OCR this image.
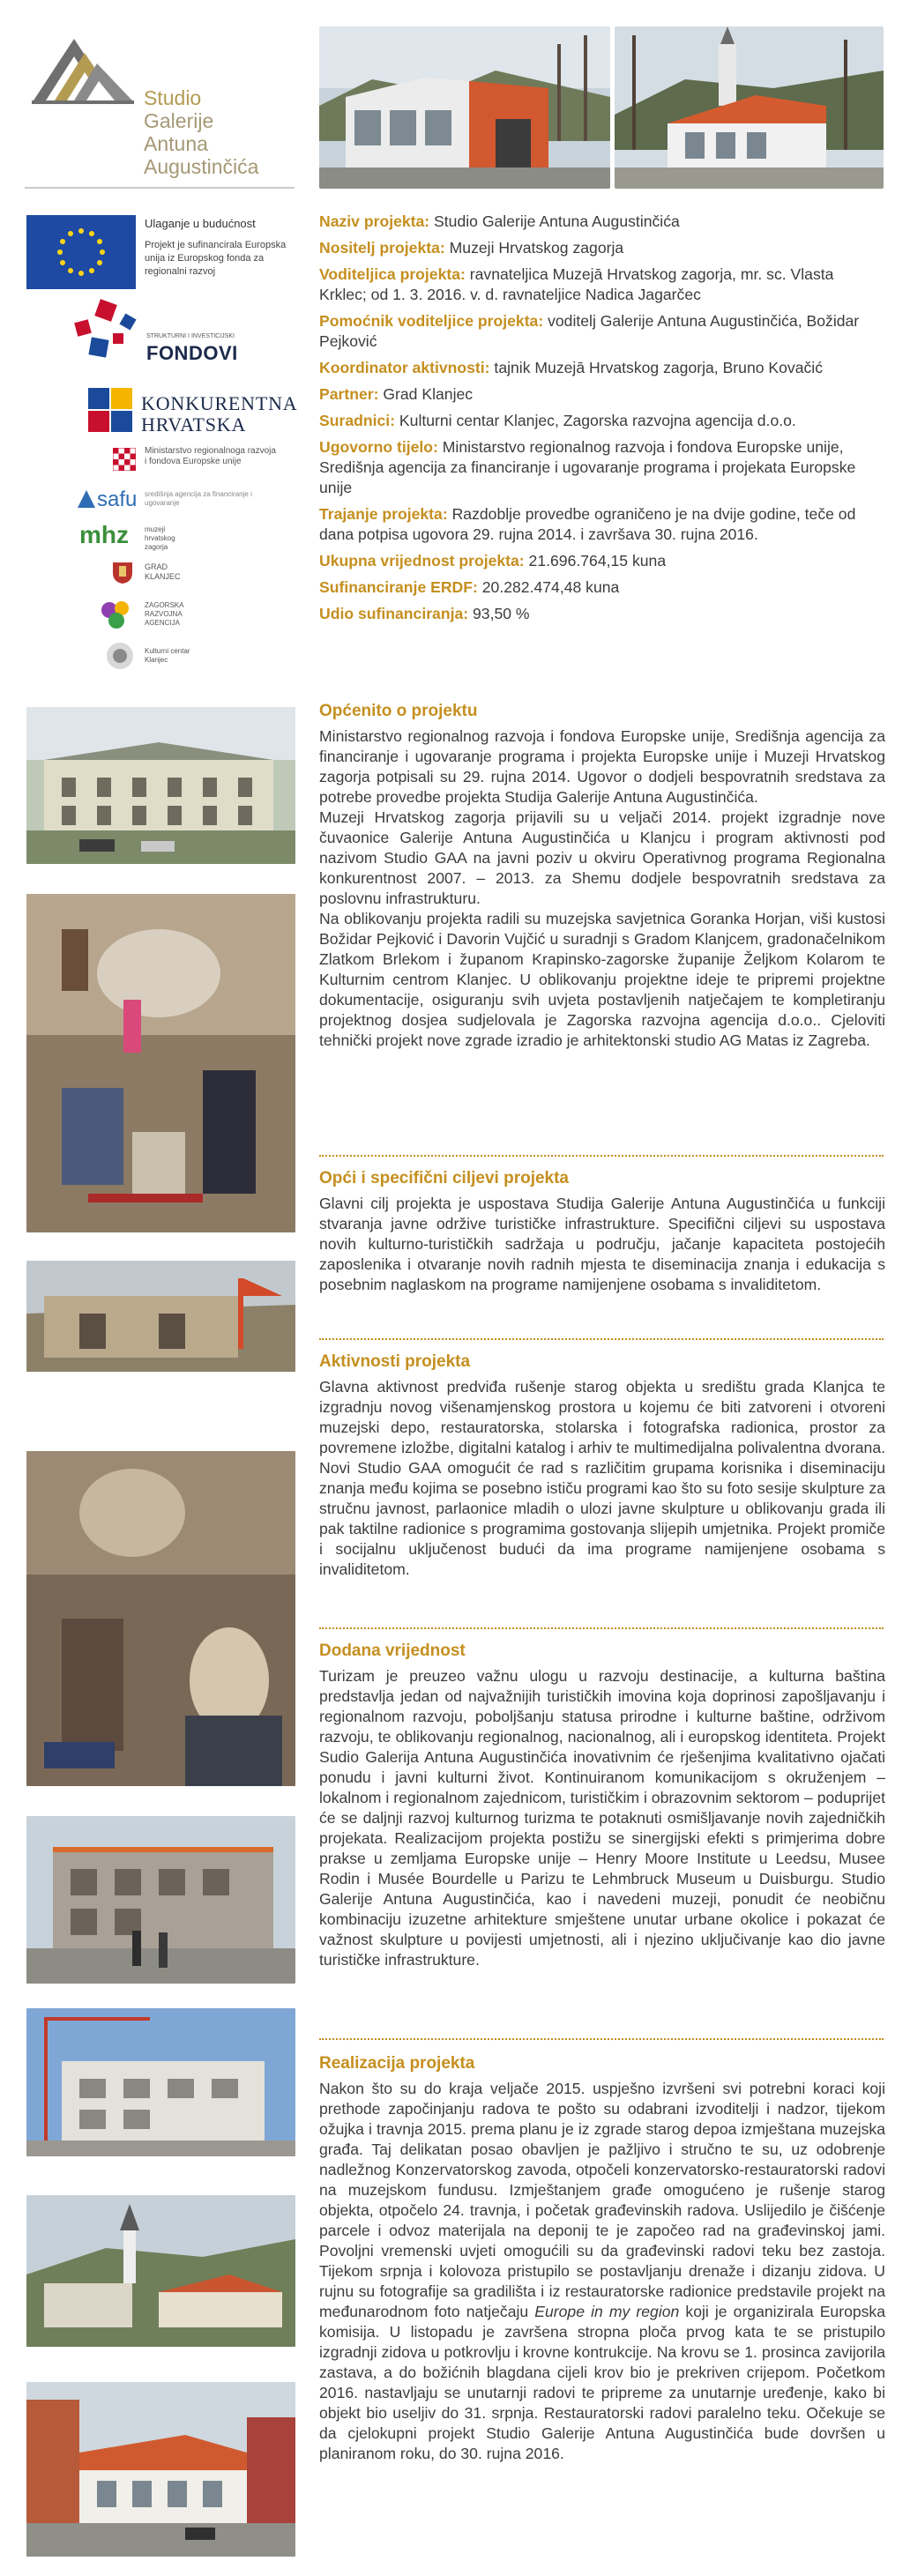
Studio
Galerije
Antuna
Augustinčića
Ulaganje u budućnost
Projekt je sufinancirala Europska unija iz Europskog fonda za regionalni razvoj
STRUKTURNI I INVESTICIJSKI
FONDOVI
KONKURENTNA
HRVATSKA
Ministarstvo regionalnoga razvoja i fondova Europske unije
safu središnja agencija za financiranje i ugovaranje
mhz muzeji hrvatskog zagorja
GRAD KLANJEC
ZAGORSKA RAZVOJNA AGENCIJA
Kulturni centar Klanjec

Naziv projekta: Studio Galerije Antuna Augustinčića

Nositelj projekta: Muzeji Hrvatskog zagorja

Voditeljica projekta: ravnateljica Muzejā Hrvatskog zagorja, mr. sc. Vlasta Krklec; od 1. 3. 2016. v. d. ravnateljice Nadica Jagarčec

Pomoćnik voditeljice projekta: voditelj Galerije Antuna Augustinčića, Božidar Pejković

Koordinator aktivnosti: tajnik Muzejā Hrvatskog zagorja, Bruno Kovačić

Partner: Grad Klanjec

Suradnici: Kulturni centar Klanjec, Zagorska razvojna agencija d.o.o.

Ugovorno tijelo: Ministarstvo regionalnog razvoja i fondova Europske unije, Središnja agencija za financiranje i ugovaranje programa i projekata Europske unije

Trajanje projekta: Razdoblje provedbe ograničeno je na dvije godine, teče od dana potpisa ugovora 29. rujna 2014. i završava 30. rujna 2016.

Ukupna vrijednost projekta: 21.696.764,15 kuna

Sufinanciranje ERDF: 20.282.474,48 kuna

Udio sufinanciranja: 93,50 %

Općenito o projektu

Ministarstvo regionalnog razvoja i fondova Europske unije, Središnja agencija za financiranje i ugovaranje programa i projekta Europske unije i Muzeji Hrvatskog zagorja potpisali su 29. rujna 2014. Ugovor o dodjeli bespovratnih sredstava za potrebe provedbe projekta Studija Galerije Antuna Augustinčića.

Muzeji Hrvatskog zagorja prijavili su u veljači 2014. projekt izgradnje nove čuvaonice Galerije Antuna Augustinčića u Klanjcu i program aktivnosti pod nazivom Studio GAA na javni poziv u okviru Operativnog programa Regionalna konkurentnost 2007. – 2013. za Shemu dodjele bespovratnih sredstava za poslovnu infrastrukturu.

Na oblikovanju projekta radili su muzejska savjetnica Goranka Horjan, viši kustosi Božidar Pejković i Davorin Vujčić u suradnji s Gradom Klanjcem, gradonačelnikom Zlatkom Brlekom i županom Krapinsko-zagorske županije Željkom Kolarom te Kulturnim centrom Klanjec. U oblikovanju projektne ideje te pripremi projektne dokumentacije, osiguranju svih uvjeta postavljenih natječajem te kompletiranju projektnog dosjea sudjelovala je Zagorska razvojna agencija d.o.o.. Cjeloviti tehnički projekt nove zgrade izradio je arhitektonski studio AG Matas iz Zagreba.

Opći i specifični ciljevi projekta

Glavni cilj projekta je uspostava Studija Galerije Antuna Augustinčića u funkciji stvaranja javne održive turističke infrastrukture. Specifični ciljevi su uspostava novih kulturno-turističkih sadržaja u području, jačanje kapaciteta postojećih zaposlenika i otvaranje novih radnih mjesta te diseminacija znanja i edukacija s posebnim naglaskom na programe namijenjene osobama s invaliditetom.

Aktivnosti projekta

Glavna aktivnost predviđa rušenje starog objekta u središtu grada Klanjca te izgradnju novog višenamjenskog prostora u kojemu će biti zatvoreni i otvoreni muzejski depo, restauratorska, stolarska i fotografska radionica, prostor za povremene izložbe, digitalni katalog i arhiv te multimedijalna polivalentna dvorana. Novi Studio GAA omogućit će rad s različitim grupama korisnika i diseminaciju znanja među kojima se posebno ističu programi kao što su foto sesije skulpture za stručnu javnost, parlaonice mladih o ulozi javne skulpture u oblikovanju grada ili pak taktilne radionice s programima gostovanja slijepih umjetnika. Projekt promiče i socijalnu uključenost budući da ima programe namijenjene osobama s invaliditetom.

Dodana vrijednost

Turizam je preuzeo važnu ulogu u razvoju destinacije, a kulturna baština predstavlja jedan od najvažnijih turističkih imovina koja doprinosi zapošljavanju i regionalnom razvoju, poboljšanju statusa prirodne i kulturne baštine, održivom razvoju, te oblikovanju regionalnog, nacionalnog, ali i europskog identiteta. Projekt Sudio Galerija Antuna Augustinčića inovativnim će rješenjima kvalitativno ojačati ponudu i javni kulturni život. Kontinuiranom komunikacijom s okruženjem – lokalnom i regionalnom zajednicom, turističkim i obrazovnim sektorom – poduprijet će se daljnji razvoj kulturnog turizma te potaknuti osmišljavanje novih zajedničkih projekata. Realizacijom projekta postižu se sinergijski efekti s primjerima dobre prakse u zemljama Europske unije – Henry Moore Institute u Leedsu, Musee Rodin i Musée Bourdelle u Parizu te Lehmbruck Museum u Duisburgu. Studio Galerije Antuna Augustinčića, kao i navedeni muzeji, ponudit će neobičnu kombinaciju izuzetne arhitekture smještene unutar urbane okolice i pokazat će važnost skulpture u povijesti umjetnosti, ali i njezino uključivanje kao dio javne turističke infrastrukture.

Realizacija projekta

Nakon što su do kraja veljače 2015. uspješno izvršeni svi potrebni koraci koji prethode započinjanju radova te pošto su odabrani izvoditelji i nadzor, tijekom ožujka i travnja 2015. prema planu je iz zgrade starog depoa izmještana muzejska građa. Taj delikatan posao obavljen je pažljivo i stručno te su, uz odobrenje nadležnog Konzervatorskog zavoda, otpočeli konzervatorsko-restauratorski radovi na muzejskom fundusu. Izmještanjem građe omogućeno je rušenje starog objekta, otpočelo 24. travnja, i početak građevinskih radova. Uslijedilo je čišćenje parcele i odvoz materijala na deponij te je započeo rad na građevinskoj jami. Povoljni vremenski uvjeti omogućili su da građevinski radovi teku bez zastoja. Tijekom srpnja i kolovoza pristupilo se postavljanju drenaže i dizanju zidova. U rujnu su fotografije sa gradilišta i iz restauratorske radionice predstavile projekt na međunarodnom foto natječaju Europe in my region koji je organizirala Europska komisija. U listopadu je završena stropna ploča prvog kata te se pristupilo izgradnji zidova u potkrovlju i krovne kontrukcije. Na krovu se 1. prosinca zavijorila zastava, a do božićnih blagdana cijeli krov bio je prekriven crijepom. Početkom 2016. nastavljaju se unutarnji radovi te pripreme za unutarnje uređenje, kako bi objekt bio useljiv do 31. srpnja. Restauratorski radovi paralelno teku. Očekuje se da cjelokupni projekt Studio Galerije Antuna Augustinčića bude dovršen u planiranom roku, do 30. rujna 2016.
